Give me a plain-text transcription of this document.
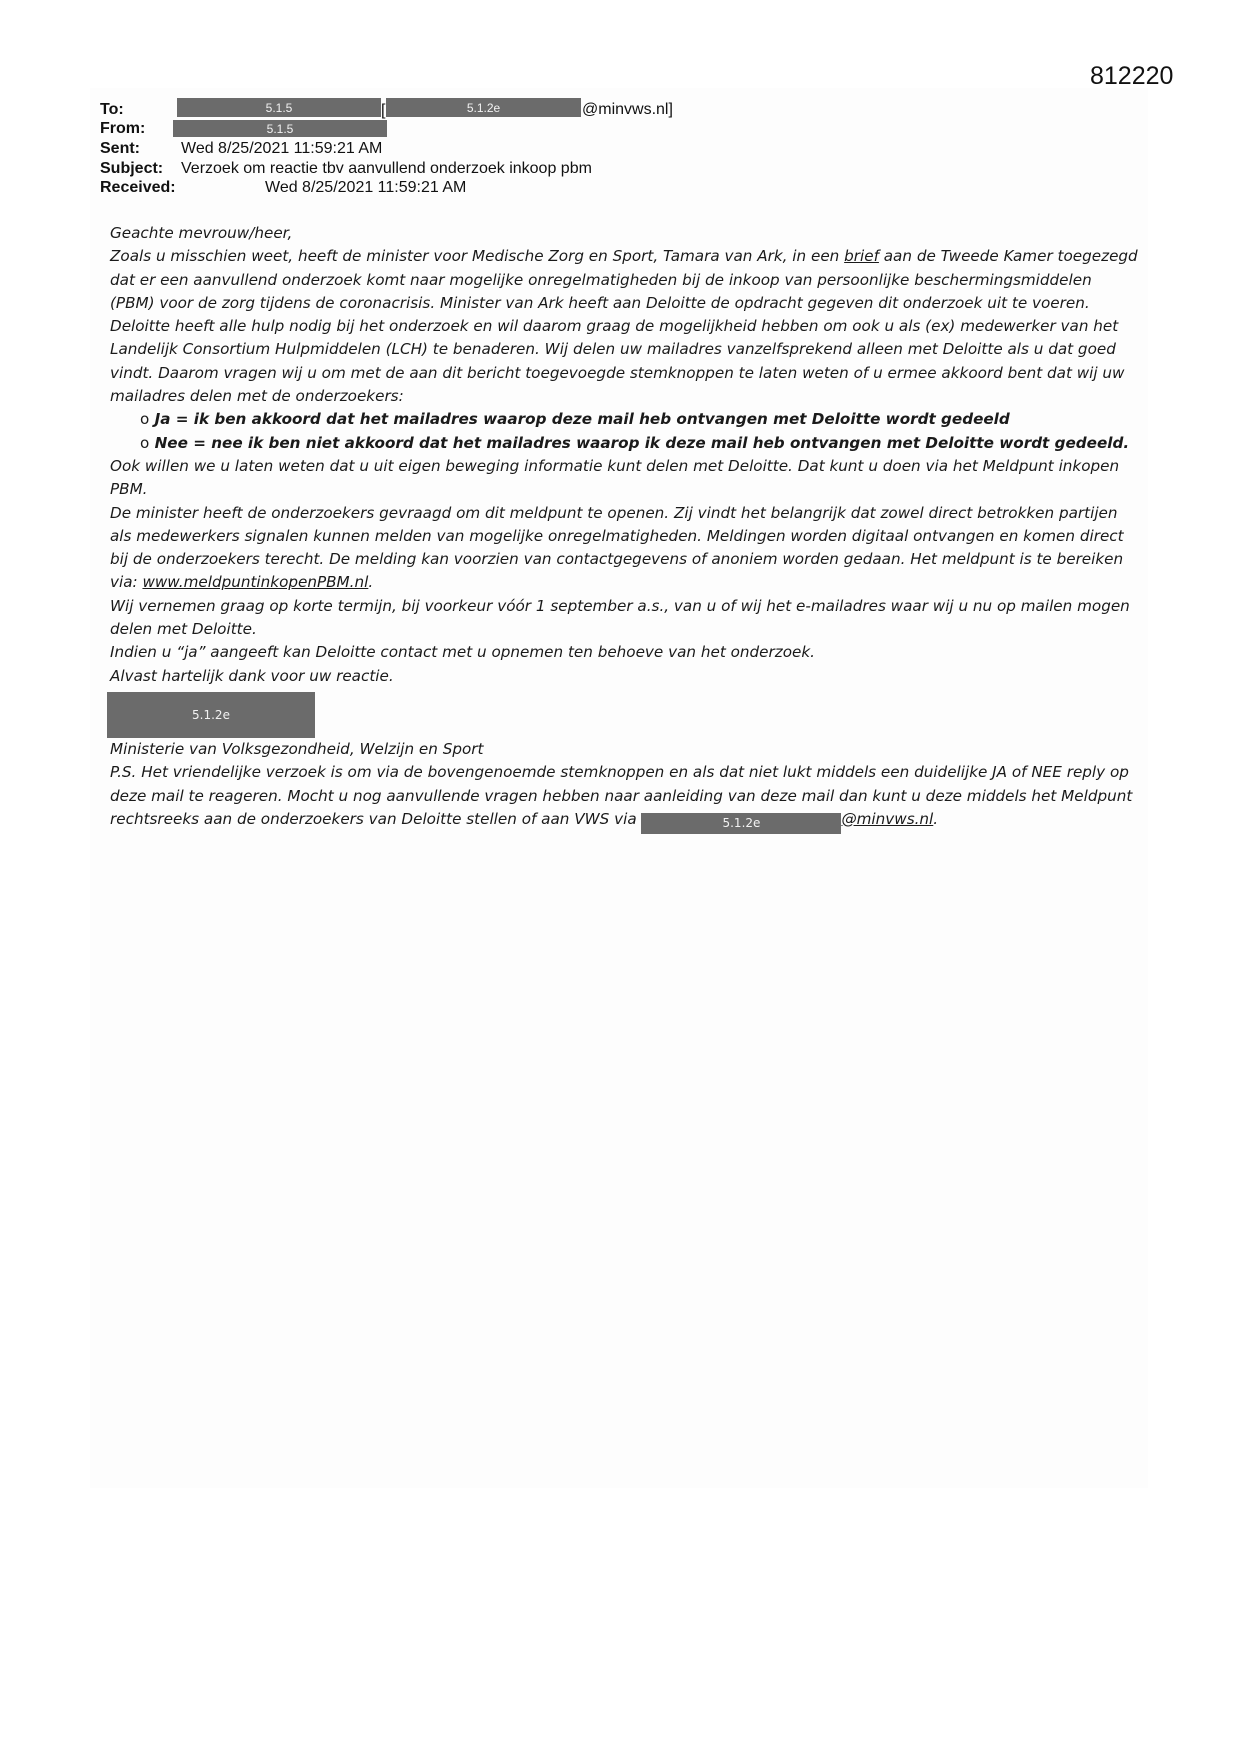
812220
To:	5.1.5	[	5.1.2e	@minvws.nl]
From:	5.1.5
Sent:	Wed 8/25/2021 11:59:21 AM
Subject: Verzoek om reactie tbv aanvullend onderzoek inkoop pbm
Received:	Wed 8/25/2021 11:59:21 AM

Geachte mevrouw/heer,

Zoals u misschien weet, heeft de minister voor Medische Zorg en Sport, Tamara van Ark, in een brief aan de Tweede Kamer toegezegd dat er een aanvullend onderzoek komt naar mogelijke onregelmatigheden bij de inkoop van persoonlijke beschermingsmiddelen (PBM) voor de zorg tijdens de coronacrisis. Minister van Ark heeft aan Deloitte de opdracht gegeven dit onderzoek uit te voeren.

Deloitte heeft alle hulp nodig bij het onderzoek en wil daarom graag de mogelijkheid hebben om ook u als (ex) medewerker van het Landelijk Consortium Hulpmiddelen (LCH) te benaderen. Wij delen uw mailadres vanzelfsprekend alleen met Deloitte als u dat goed vindt. Daarom vragen wij u om met de aan dit bericht toegevoegde stemknoppen te laten weten of u ermee akkoord bent dat wij uw mailadres delen met de onderzoekers:

o Ja = ik ben akkoord dat het mailadres waarop deze mail heb ontvangen met Deloitte wordt gedeeld

o Nee = nee ik ben niet akkoord dat het mailadres waarop ik deze mail heb ontvangen met Deloitte wordt gedeeld.

Ook willen we u laten weten dat u uit eigen beweging informatie kunt delen met Deloitte. Dat kunt u doen via het Meldpunt inkopen PBM.

De minister heeft de onderzoekers gevraagd om dit meldpunt te openen. Zij vindt het belangrijk dat zowel direct betrokken partijen als medewerkers signalen kunnen melden van mogelijke onregelmatigheden. Meldingen worden digitaal ontvangen en komen direct bij de onderzoekers terecht. De melding kan voorzien van contactgegevens of anoniem worden gedaan. Het meldpunt is te bereiken via: www.meldpuntinkopenPBM.nl.

Wij vernemen graag op korte termijn, bij voorkeur vóór 1 september a.s., van u of wij het e-mailadres waar wij u nu op mailen mogen delen met Deloitte.

Indien u “ja” aangeeft kan Deloitte contact met u opnemen ten behoeve van het onderzoek.

Alvast hartelijk dank voor uw reactie.

5.1.2e

Ministerie van Volksgezondheid, Welzijn en Sport

P.S. Het vriendelijke verzoek is om via de bovengenoemde stemknoppen en als dat niet lukt middels een duidelijke JA of NEE reply op deze mail te reageren. Mocht u nog aanvullende vragen hebben naar aanleiding van deze mail dan kunt u deze middels het Meldpunt rechtsreeks aan de onderzoekers van Deloitte stellen of aan VWS via	5.1.2e	@minvws.nl.
